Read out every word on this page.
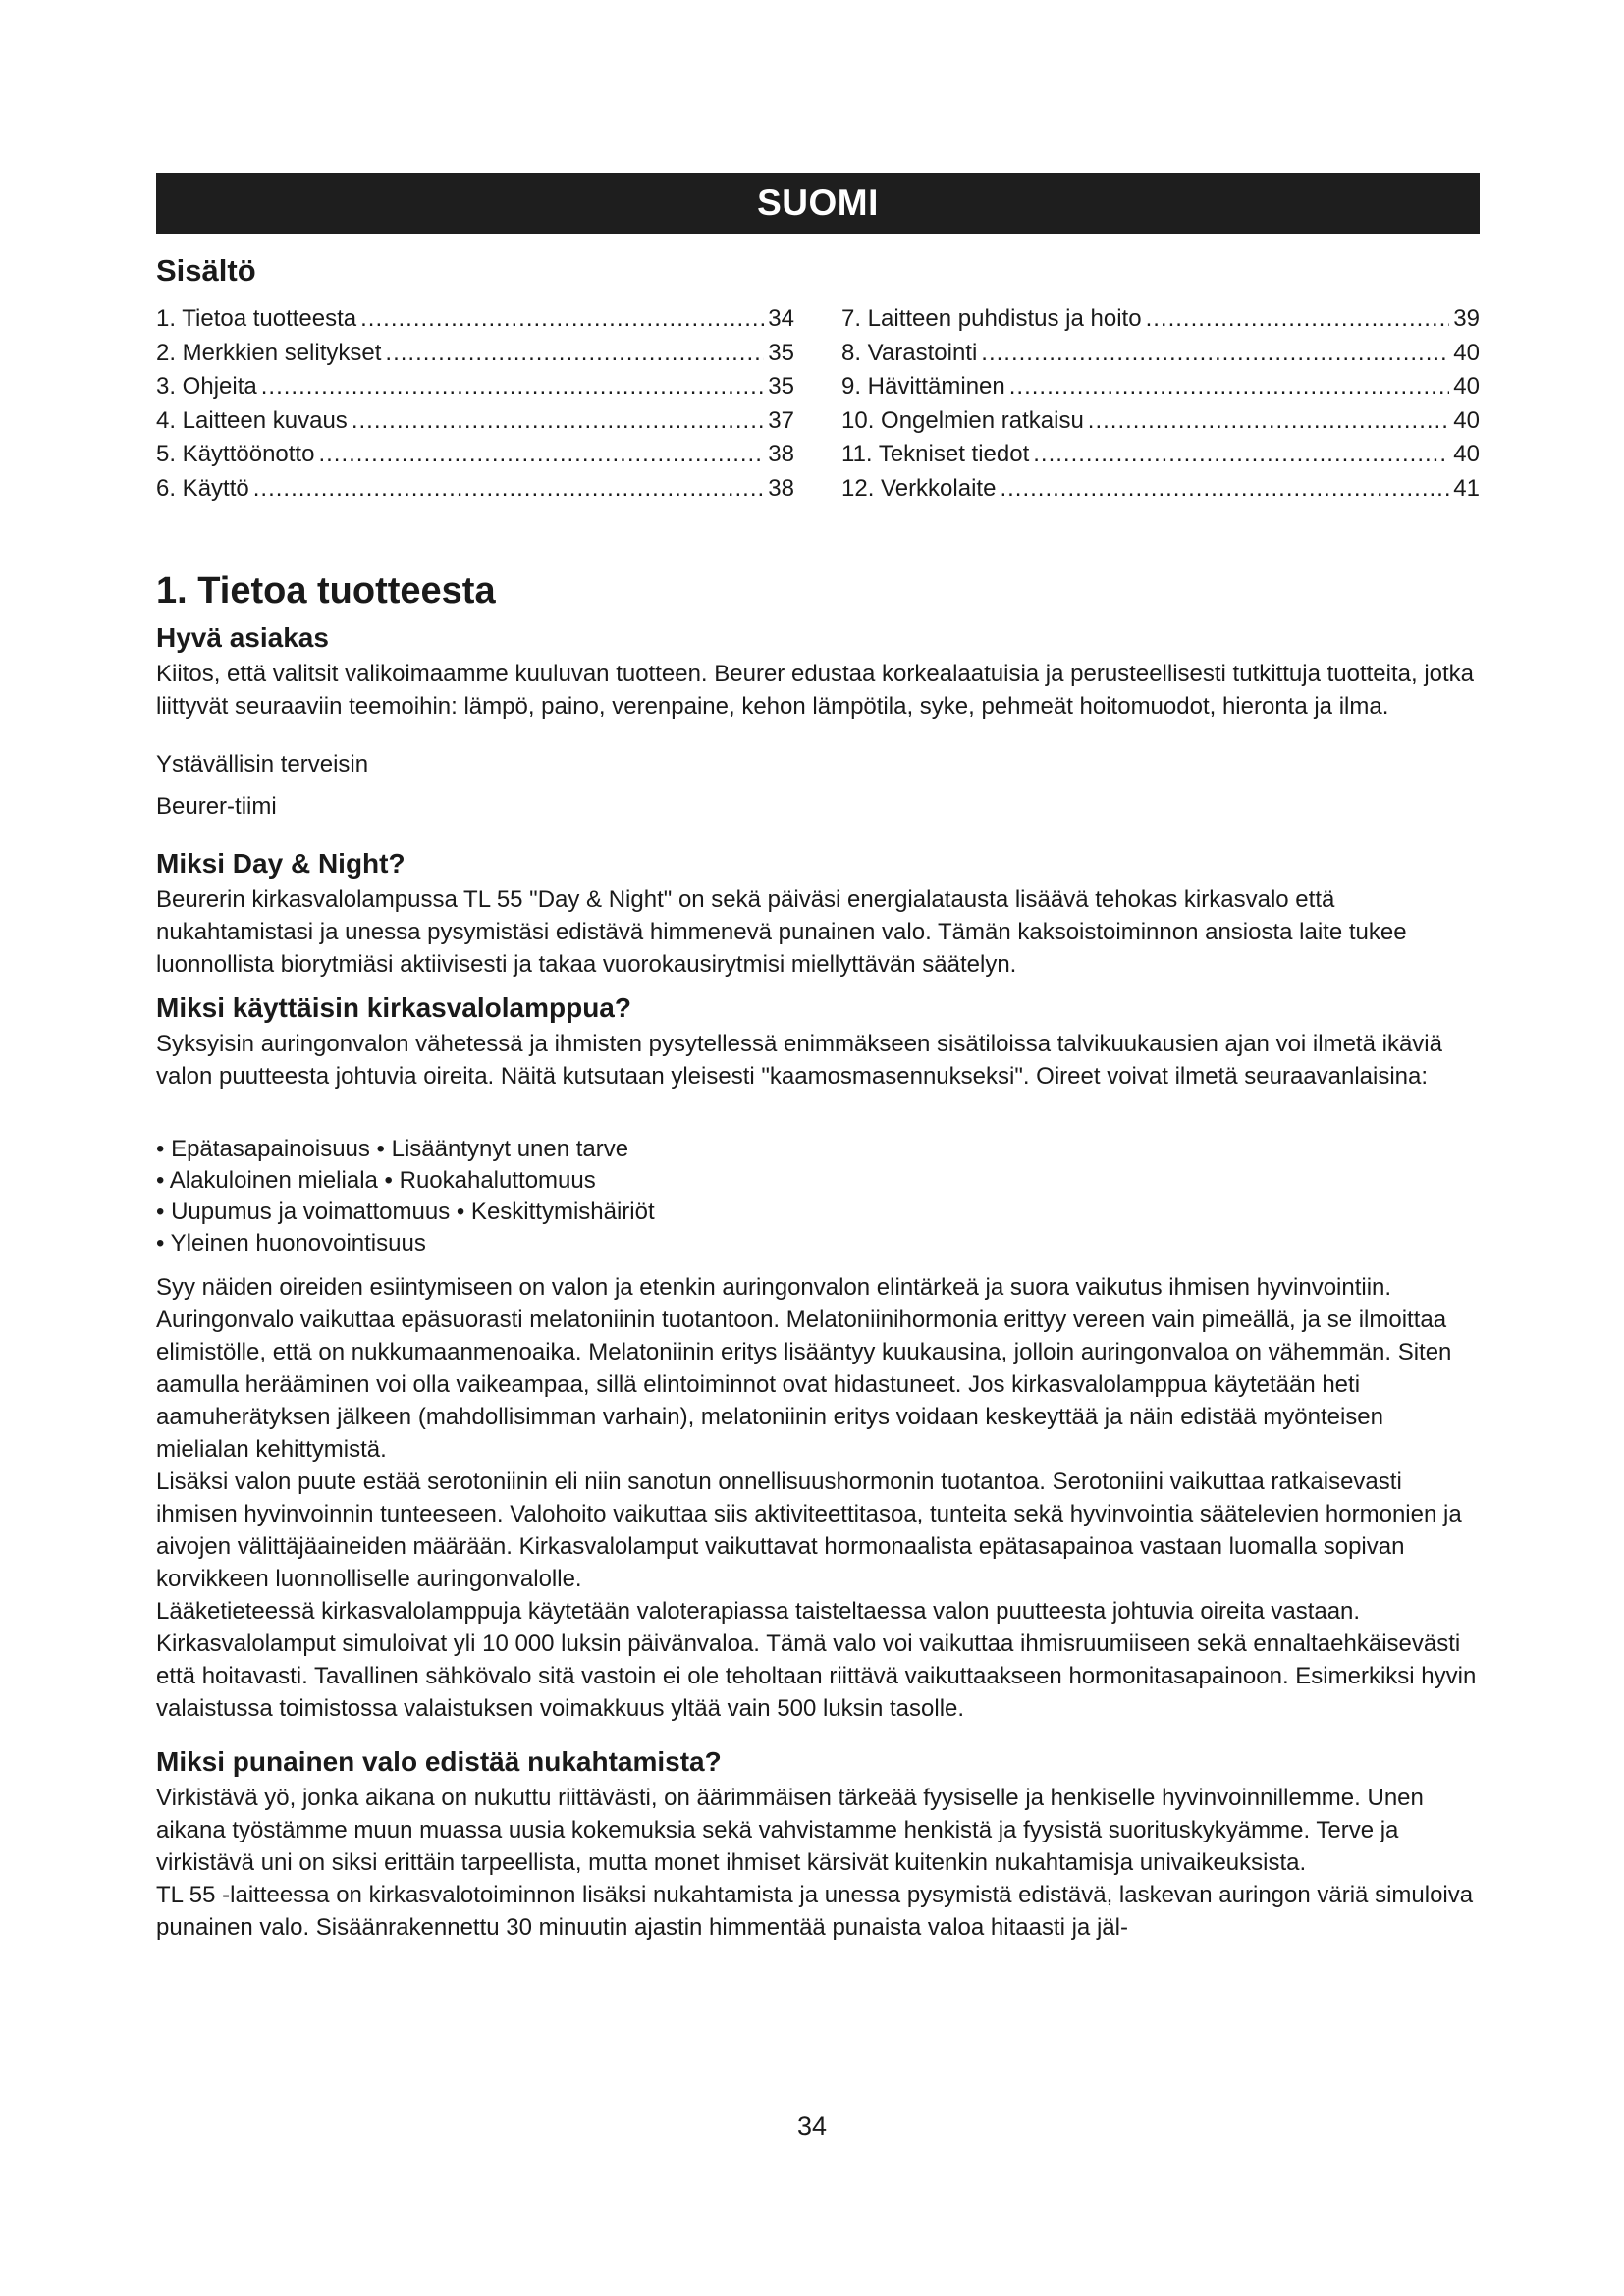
SUOMI
Sisältö
1. Tietoa tuotteesta .....	34
2. Merkkien selitykset .....	35
3. Ohjeita .....	35
4. Laitteen kuvaus .....	37
5. Käyttöönotto .....	38
6. Käyttö .....	38
7. Laitteen puhdistus ja hoito .....	39
8. Varastointi .....	40
9. Hävittäminen .....	40
10. Ongelmien ratkaisu .....	40
11. Tekniset tiedot .....	40
12. Verkkolaite .....	41
1. Tietoa tuotteesta
Hyvä asiakas

Kiitos, että valitsit valikoimaamme kuuluvan tuotteen. Beurer edustaa korkealaatuisia ja perusteellisesti tutkittuja tuotteita, jotka liittyvät seuraaviin teemoihin: lämpö, paino, verenpaine, kehon lämpötila, syke, pehmeät hoitomuodot, hieronta ja ilma.

Ystävällisin terveisin

Beurer-tiimi

Miksi Day & Night?

Beurerin kirkasvalolampussa TL 55 "Day & Night" on sekä päiväsi energialatausta lisäävä tehokas kirkasvalo että nukahtamistasi ja unessa pysymistäsi edistävä himmenevä punainen valo. Tämän kaksoistoiminnon ansiosta laite tukee luonnollista biorytmiäsi aktiivisesti ja takaa vuorokausirytmisi miellyttävän säätelyn.

Miksi käyttäisin kirkasvalolamppua?

Syksyisin auringonvalon vähetessä ja ihmisten pysytellessä enimmäkseen sisätiloissa talvikuukausien ajan voi ilmetä ikäviä valon puutteesta johtuvia oireita. Näitä kutsutaan yleisesti "kaamosmasennukseksi". Oireet voivat ilmetä seuraavanlaisina:

• Epätasapainoisuus • Lisääntynyt unen tarve
• Alakuloinen mieliala • Ruokahaluttomuus
• Uupumus ja voimattomuus • Keskittymishäiriöt
• Yleinen huonovointisuus

Syy näiden oireiden esiintymiseen on valon ja etenkin auringonvalon elintärkeä ja suora vaikutus ihmisen hyvinvointiin. Auringonvalo vaikuttaa epäsuorasti melatoniinin tuotantoon. Melatoniinihormonia erittyy vereen vain pimeällä, ja se ilmoittaa elimistölle, että on nukkumaanmenoaika. Melatoniinin eritys lisääntyy kuukausina, jolloin auringonvaloa on vähemmän. Siten aamulla herääminen voi olla vaikeampaa, sillä elintoiminnot ovat hidastuneet. Jos kirkasvalolamppua käytetään heti aamuherätyksen jälkeen (mahdollisimman varhain), melatoniinin eritys voidaan keskeyttää ja näin edistää myönteisen mielialan kehittymistä.

Lisäksi valon puute estää serotoniinin eli niin sanotun onnellisuushormonin tuotantoa. Serotoniini vaikuttaa ratkaisevasti ihmisen hyvinvoinnin tunteeseen. Valohoito vaikuttaa siis aktiviteettitasoa, tunteita sekä hyvinvointia säätelevien hormonien ja aivojen välittäjäaineiden määrään. Kirkasvalolamput vaikuttavat hormonaalista epätasapainoa vastaan luomalla sopivan korvikkeen luonnolliselle auringonvalolle.

Lääketieteessä kirkasvalolamppuja käytetään valoterapiassa taisteltaessa valon puutteesta johtuvia oireita vastaan. Kirkasvalolamput simuloivat yli 10 000 luksin päivänvaloa. Tämä valo voi vaikuttaa ihmisruumiiseen sekä ennaltaehkäisevästi että hoitavasti. Tavallinen sähkövalo sitä vastoin ei ole teholtaan riittävä vaikuttaakseen hormonitasapainoon. Esimerkiksi hyvin valaistussa toimistossa valaistuksen voimakkuus yltää vain 500 luksin tasolle.

Miksi punainen valo edistää nukahtamista?

Virkistävä yö, jonka aikana on nukuttu riittävästi, on äärimmäisen tärkeää fyysiselle ja henkiselle hyvinvoinnillemme. Unen aikana työstämme muun muassa uusia kokemuksia sekä vahvistamme henkistä ja fyysistä suorituskykyämme. Terve ja virkistävä uni on siksi erittäin tarpeellista, mutta monet ihmiset kärsivät kuitenkin nukahtamisja univaikeuksista.

TL 55 -laitteessa on kirkasvalotoiminnon lisäksi nukahtamista ja unessa pysymistä edistävä, laskevan auringon väriä simuloiva punainen valo. Sisäänrakennettu 30 minuutin ajastin himmentää punaista valoa hitaasti ja jäl-

34
